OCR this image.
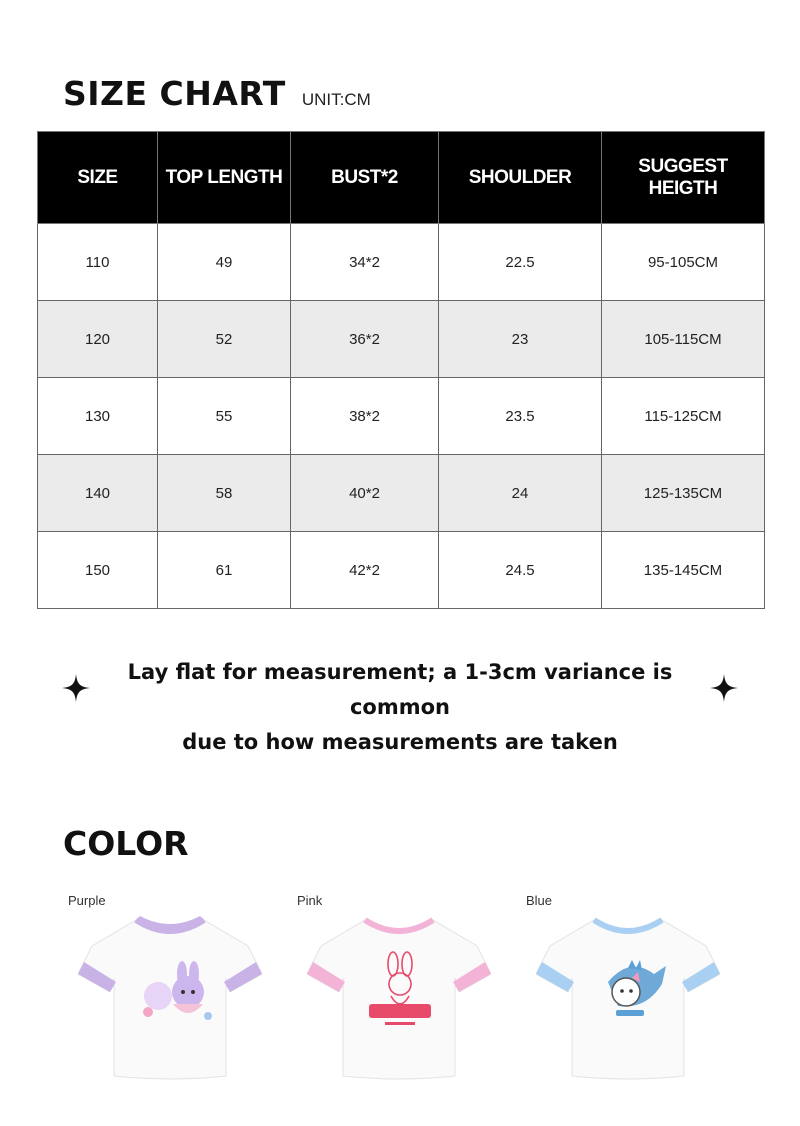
SIZE CHART UNIT:CM
SIZE	TOP LENGTH	BUST*2	SHOULDER	SUGGEST HEIGTH
110	49	34*2	22.5	95-105CM
120	52	36*2	23	105-115CM
130	55	38*2	23.5	115-125CM
140	58	40*2	24	125-135CM
150	61	42*2	24.5	135-145CM
Lay flat for measurement; a 1-3cm variance is common
due to how measurements are taken
COLOR
Purple	Pink	Blue
